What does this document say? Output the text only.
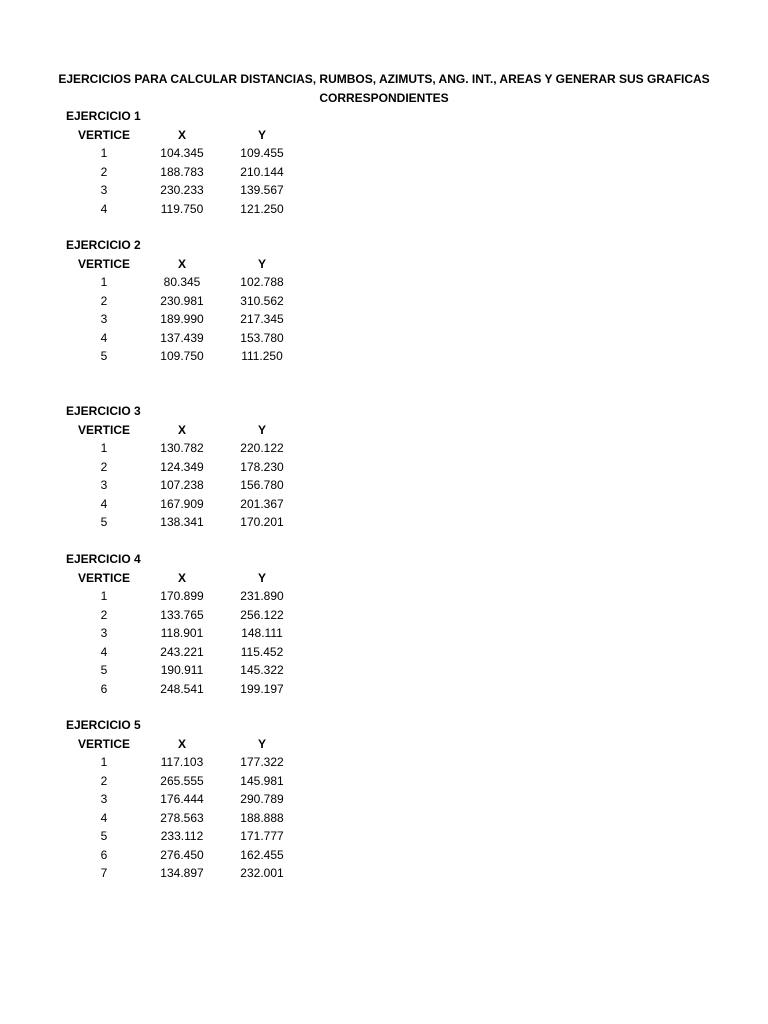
EJERCICIOS PARA CALCULAR DISTANCIAS, RUMBOS, AZIMUTS, ANG. INT., AREAS Y GENERAR SUS GRAFICAS
CORRESPONDIENTES
EJERCICIO 1
VERTICE	X	Y
1	104.345	109.455
2	188.783	210.144
3	230.233	139.567
4	119.750	121.250
EJERCICIO 2
VERTICE	X	Y
1	80.345	102.788
2	230.981	310.562
3	189.990	217.345
4	137.439	153.780
5	109.750	111.250
EJERCICIO 3
VERTICE	X	Y
1	130.782	220.122
2	124.349	178.230
3	107.238	156.780
4	167.909	201.367
5	138.341	170.201
EJERCICIO 4
VERTICE	X	Y
1	170.899	231.890
2	133.765	256.122
3	118.901	148.111
4	243.221	115.452
5	190.911	145.322
6	248.541	199.197
EJERCICIO 5
VERTICE	X	Y
1	117.103	177.322
2	265.555	145.981
3	176.444	290.789
4	278.563	188.888
5	233.112	171.777
6	276.450	162.455
7	134.897	232.001
